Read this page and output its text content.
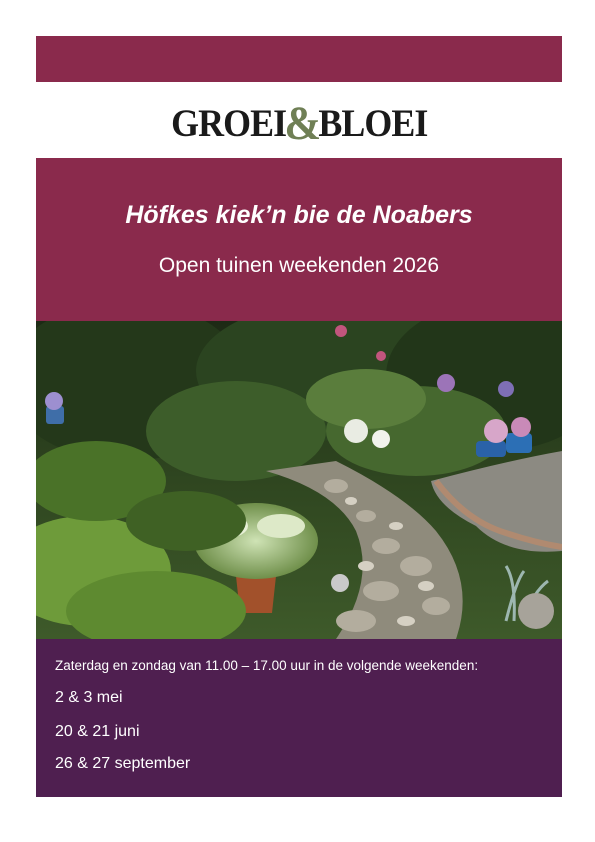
GROEI&BLOEI
Höfkes kiek’n bie de Noabers
Open tuinen weekenden 2026
Zaterdag en zondag van 11.00 – 17.00 uur in de volgende weekenden:
2 & 3 mei
20 & 21 juni
26 & 27 september
